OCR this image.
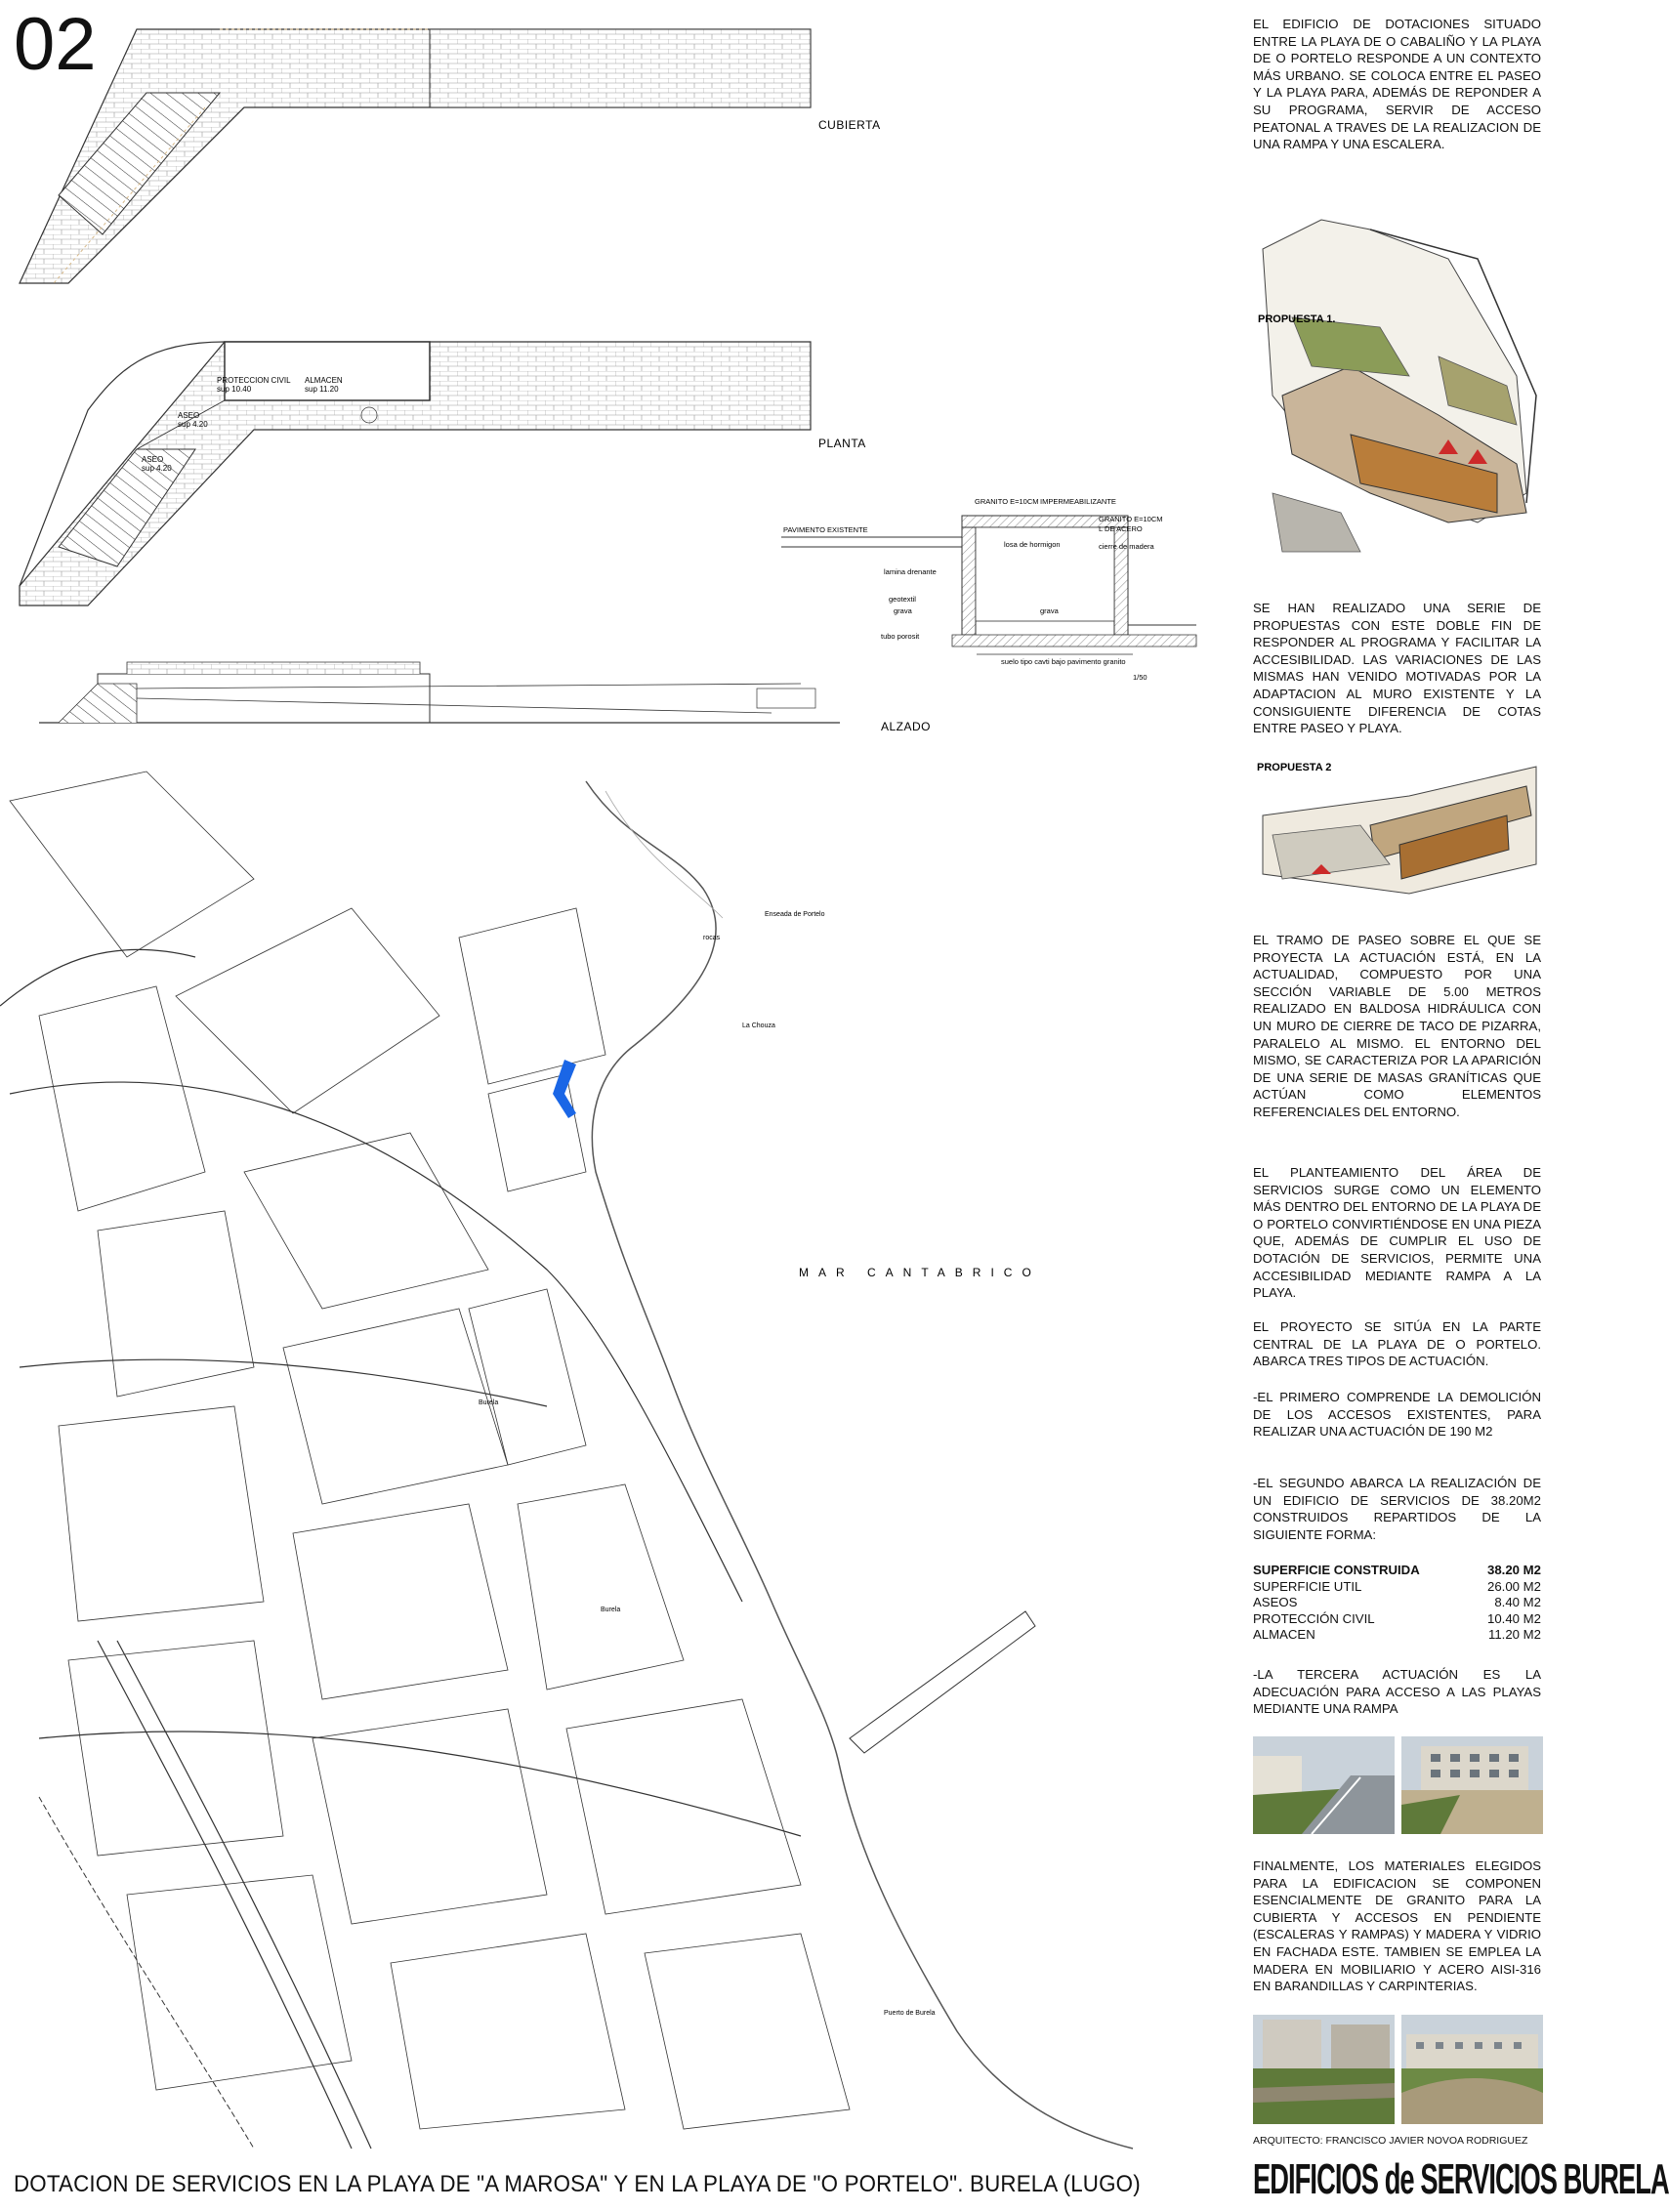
02
CUBIERTA
PROTECCION CIVIL
sup 10.40
ALMACEN
sup 11.20
ASEO
sup 4.20
ASEO
sup 4.20
PLANTA
GRANITO E=10CM IMPERMEABILIZANTE
GRANITO E=10CM
L DE ACERO
PAVIMENTO EXISTENTE
losa de hormigon	cierre de madera
lamina drenante
geotextil
grava	grava
tubo porosit
suelo tipo cavti bajo pavimento granito
1/50
ALZADO
MAR CANTABRICO
Enseada de Portelo
rocas
La Chouza
Puerto de Burela
Burela
Burela

EL EDIFICIO DE DOTACIONES SITUADO ENTRE LA PLAYA DE O CABALIÑO Y LA PLAYA DE O PORTELO RESPONDE A UN CONTEXTO MÁS URBANO. SE COLOCA ENTRE EL PASEO Y LA PLAYA PARA, ADEMÁS DE REPONDER A SU PROGRAMA, SERVIR DE ACCESO PEATONAL A TRAVES DE LA REALIZACION DE UNA RAMPA Y UNA ESCALERA.

PROPUESTA 1.

SE HAN REALIZADO UNA SERIE DE PROPUESTAS CON ESTE DOBLE FIN DE RESPONDER AL PROGRAMA Y FACILITAR LA ACCESIBILIDAD. LAS VARIACIONES DE LAS MISMAS HAN VENIDO MOTIVADAS POR LA ADAPTACION AL MURO EXISTENTE Y LA CONSIGUIENTE DIFERENCIA DE COTAS ENTRE PASEO Y PLAYA.

PROPUESTA 2

EL TRAMO DE PASEO SOBRE EL QUE SE PROYECTA LA ACTUACIÓN ESTÁ, EN LA ACTUALIDAD, COMPUESTO POR UNA SECCIÓN VARIABLE DE 5.00 METROS REALIZADO EN BALDOSA HIDRÁULICA CON UN MURO DE CIERRE DE TACO DE PIZARRA, PARALELO AL MISMO. EL ENTORNO DEL MISMO, SE CARACTERIZA POR LA APARICIÓN DE UNA SERIE DE MASAS GRANÍTICAS QUE ACTÚAN COMO ELEMENTOS REFERENCIALES DEL ENTORNO.

EL PLANTEAMIENTO DEL ÁREA DE SERVICIOS SURGE COMO UN ELEMENTO MÁS DENTRO DEL ENTORNO DE LA PLAYA DE O PORTELO CONVIRTIÉNDOSE EN UNA PIEZA QUE, ADEMÁS DE CUMPLIR EL USO DE DOTACIÓN DE SERVICIOS, PERMITE UNA ACCESIBILIDAD MEDIANTE RAMPA A LA PLAYA.

EL PROYECTO SE SITÚA EN LA PARTE CENTRAL DE LA PLAYA DE O PORTELO. ABARCA TRES TIPOS DE ACTUACIÓN.

-EL PRIMERO COMPRENDE LA DEMOLICIÓN DE LOS ACCESOS EXISTENTES, PARA REALIZAR UNA ACTUACIÓN DE 190 M2

-EL SEGUNDO ABARCA LA REALIZACIÓN DE UN EDIFICIO DE SERVICIOS DE 38.20M2 CONSTRUIDOS REPARTIDOS DE LA SIGUIENTE FORMA:

SUPERFICIE CONSTRUIDA	38.20 M2
SUPERFICIE UTIL	26.00 M2
ASEOS	8.40 M2
PROTECCIÓN CIVIL	10.40 M2
ALMACEN	11.20 M2

-LA TERCERA ACTUACIÓN ES LA ADECUACIÓN PARA ACCESO A LAS PLAYAS MEDIANTE UNA RAMPA

FINALMENTE, LOS MATERIALES ELEGIDOS PARA LA EDIFICACION SE COMPONEN ESENCIALMENTE DE GRANITO PARA LA CUBIERTA Y ACCESOS EN PENDIENTE (ESCALERAS Y RAMPAS) Y MADERA Y VIDRIO EN FACHADA ESTE. TAMBIEN SE EMPLEA LA MADERA EN MOBILIARIO Y ACERO AISI-316 EN BARANDILLAS Y CARPINTERIAS.

ARQUITECTO: FRANCISCO JAVIER NOVOA RODRIGUEZ
DOTACION DE SERVICIOS EN LA PLAYA DE "A MAROSA" Y EN LA PLAYA DE "O PORTELO". BURELA (LUGO)	EDIFICIOS de SERVICIOS BURELA
